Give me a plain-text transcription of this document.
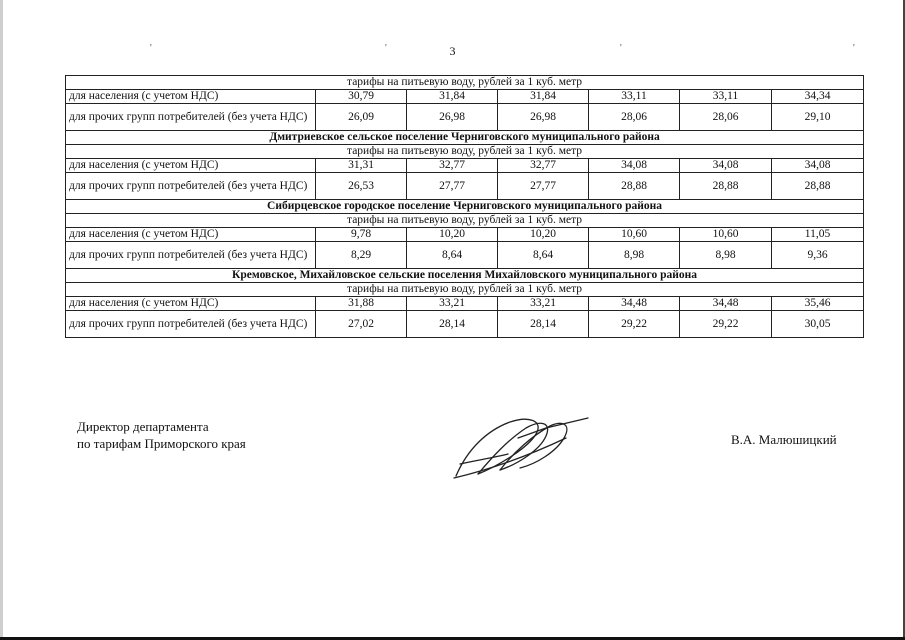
'	'	'	'
3
тарифы на питьевую воду, рублей за 1 куб. метр						
для населения (с учетом НДС)	30,79	31,84	31,84	33,11	33,11	34,34
для прочих групп потребителей (без учета НДС)	26,09	26,98	26,98	28,06	28,06	29,10
Дмитриевское сельское поселение Черниговского муниципального района						
тарифы на питьевую воду, рублей за 1 куб. метр						
для населения (с учетом НДС)	31,31	32,77	32,77	34,08	34,08	34,08
для прочих групп потребителей (без учета НДС)	26,53	27,77	27,77	28,88	28,88	28,88
Сибирцевское городское поселение Черниговского муниципального района						
тарифы на питьевую воду, рублей за 1 куб. метр						
для населения (с учетом НДС)	9,78	10,20	10,20	10,60	10,60	11,05
для прочих групп потребителей (без учета НДС)	8,29	8,64	8,64	8,98	8,98	9,36
Кремовское, Михайловское сельские поселения Михайловского муниципального района						
тарифы на питьевую воду, рублей за 1 куб. метр						
для населения (с учетом НДС)	31,88	33,21	33,21	34,48	34,48	35,46
для прочих групп потребителей (без учета НДС)	27,02	28,14	28,14	29,22	29,22	30,05
Директор департамента
по тарифам Приморского края	В.А. Малюшицкий
